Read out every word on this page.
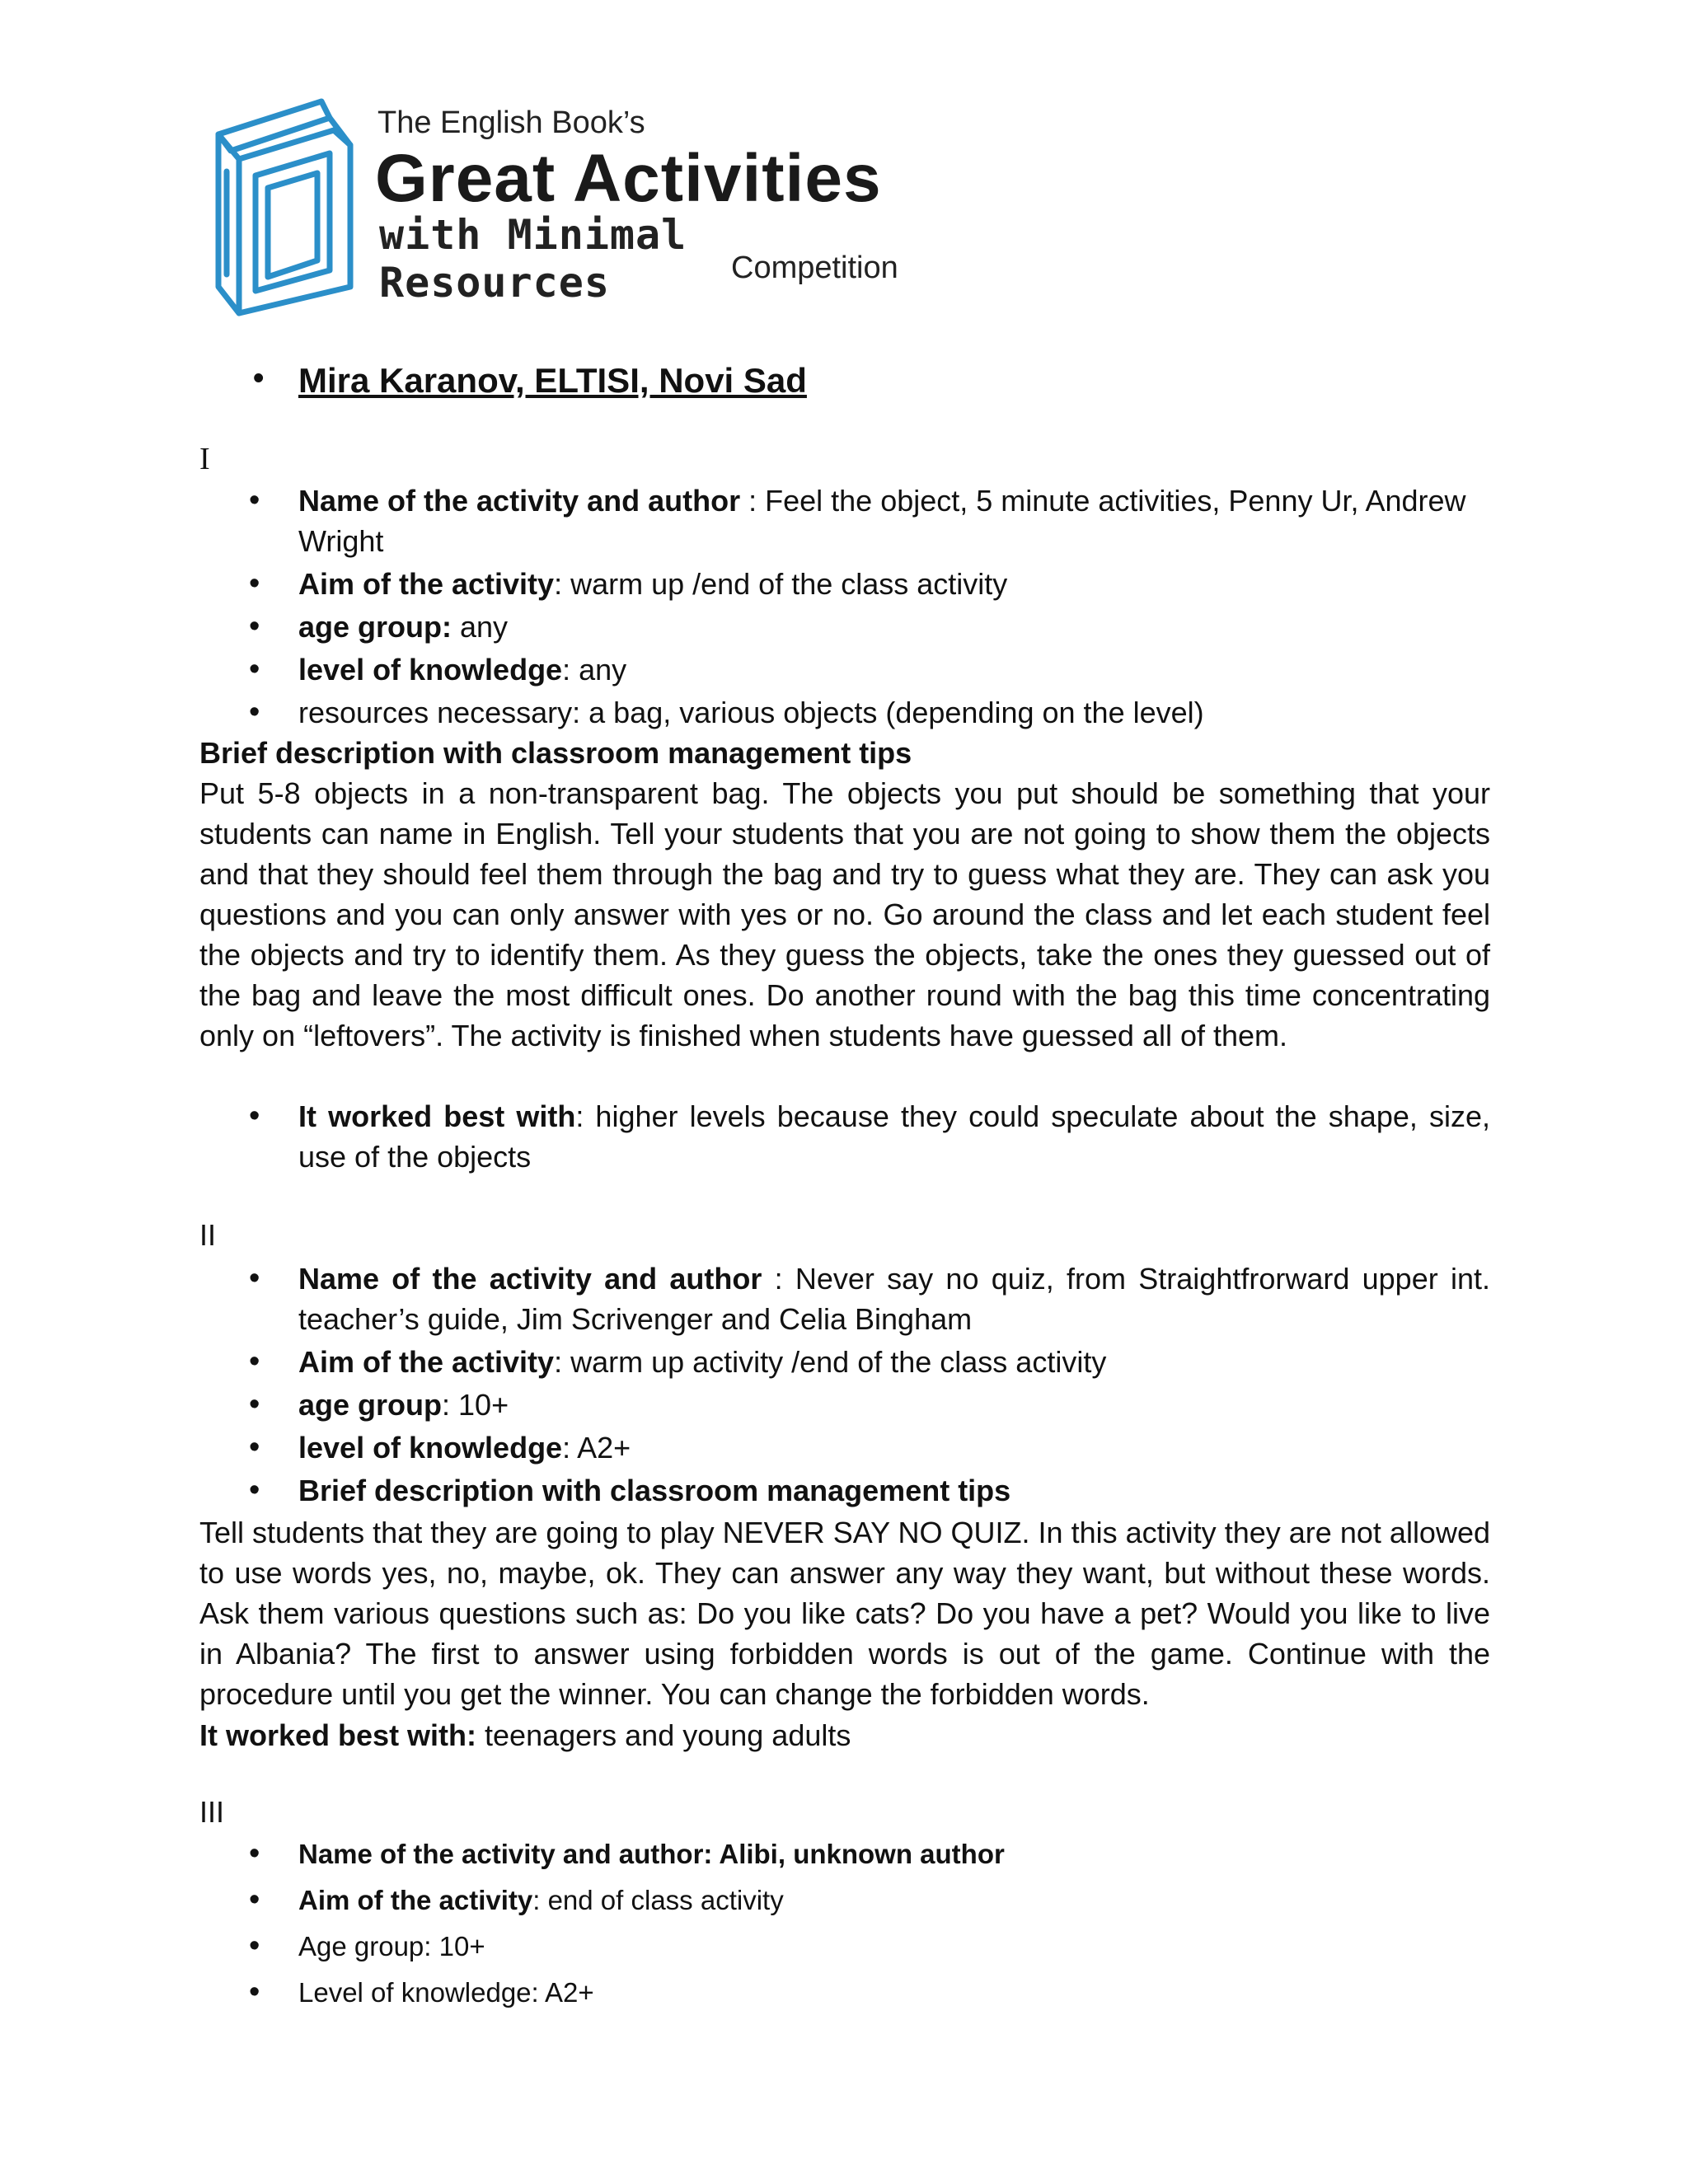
The English Book’s
Great Activities
with Minimal Resources	Competition
• Mira Karanov, ELTISI, Novi Sad
I
• Name of the activity and author : Feel the object, 5 minute activities, Penny Ur, Andrew Wright
• Aim of the activity: warm up /end of the class activity
• age group: any
• level of knowledge: any
• resources necessary: a bag, various objects (depending on the level)
Brief description with classroom management tips
Put 5-8 objects in a non-transparent bag. The objects you put should be something that your students can name in English. Tell your students that you are not going to show them the objects and that they should feel them through the bag and try to guess what they are. They can ask you questions and you can only answer with yes or no. Go around the class and let each student feel the objects and try to identify them. As they guess the objects, take the ones they guessed out of the bag and leave the most difficult ones. Do another round with the bag this time concentrating only on “leftovers”. The activity is finished when students have guessed all of them.
• It worked best with: higher levels because they could speculate about the shape, size, use of the objects
II
• Name of the activity and author : Never say no quiz, from Straightfrorward upper int. teacher’s guide, Jim Scrivenger and Celia Bingham
• Aim of the activity: warm up activity /end of the class activity
• age group: 10+
• level of knowledge: A2+
• Brief description with classroom management tips
Tell students that they are going to play NEVER SAY NO QUIZ. In this activity they are not allowed to use words yes, no, maybe, ok. They can answer any way they want, but without these words. Ask them various questions such as: Do you like cats? Do you have a pet? Would you like to live in Albania? The first to answer using forbidden words is out of the game. Continue with the procedure until you get the winner. You can change the forbidden words.
It worked best with: teenagers and young adults
III
• Name of the activity and author: Alibi, unknown author
• Aim of the activity: end of class activity
• Age group: 10+
• Level of knowledge: A2+
